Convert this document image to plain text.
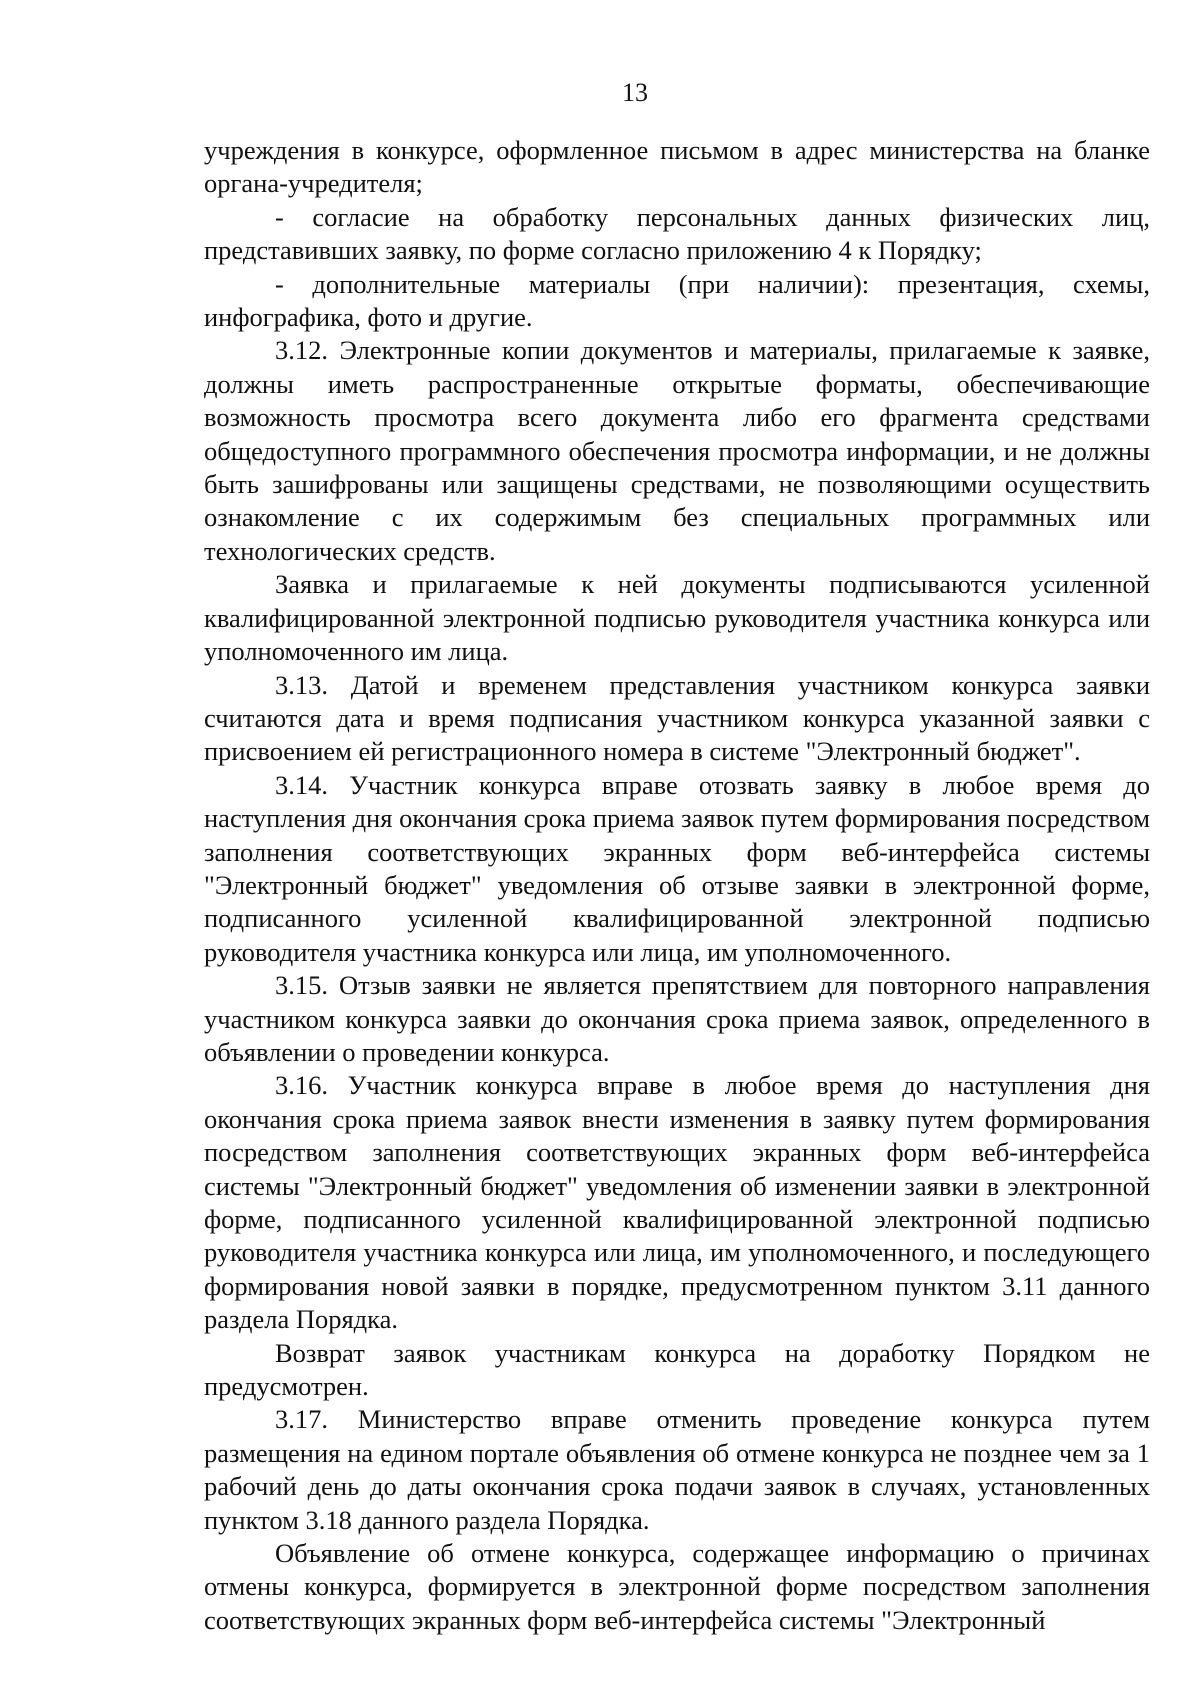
13

учреждения в конкурсе, оформленное письмом в адрес министерства на бланке органа-учредителя;

- согласие на обработку персональных данных физических лиц, представивших заявку, по форме согласно приложению 4 к Порядку;

- дополнительные материалы (при наличии): презентация, схемы, инфографика, фото и другие.

3.12. Электронные копии документов и материалы, прилагаемые к заявке, должны иметь распространенные открытые форматы, обеспечивающие возможность просмотра всего документа либо его фрагмента средствами общедоступного программного обеспечения просмотра информации, и не должны быть зашифрованы или защищены средствами, не позволяющими осуществить ознакомление с их содержимым без специальных программных или технологических средств.

Заявка и прилагаемые к ней документы подписываются усиленной квалифицированной электронной подписью руководителя участника конкурса или уполномоченного им лица.

3.13. Датой и временем представления участником конкурса заявки считаются дата и время подписания участником конкурса указанной заявки с присвоением ей регистрационного номера в системе "Электронный бюджет".

3.14. Участник конкурса вправе отозвать заявку в любое время до наступления дня окончания срока приема заявок путем формирования посредством заполнения соответствующих экранных форм веб-интерфейса системы "Электронный бюджет" уведомления об отзыве заявки в электронной форме, подписанного усиленной квалифицированной электронной подписью руководителя участника конкурса или лица, им уполномоченного.

3.15. Отзыв заявки не является препятствием для повторного направления участником конкурса заявки до окончания срока приема заявок, определенного в объявлении о проведении конкурса.

3.16. Участник конкурса вправе в любое время до наступления дня окончания срока приема заявок внести изменения в заявку путем формирования посредством заполнения соответствующих экранных форм веб-интерфейса системы "Электронный бюджет" уведомления об изменении заявки в электронной форме, подписанного усиленной квалифицированной электронной подписью руководителя участника конкурса или лица, им уполномоченного, и последующего формирования новой заявки в порядке, предусмотренном пунктом 3.11 данного раздела Порядка.

Возврат заявок участникам конкурса на доработку Порядком не предусмотрен.

3.17. Министерство вправе отменить проведение конкурса путем размещения на едином портале объявления об отмене конкурса не позднее чем за 1 рабочий день до даты окончания срока подачи заявок в случаях, установленных пунктом 3.18 данного раздела Порядка.

Объявление об отмене конкурса, содержащее информацию о причинах отмены конкурса, формируется в электронной форме посредством заполнения соответствующих экранных форм веб-интерфейса системы "Электронный
